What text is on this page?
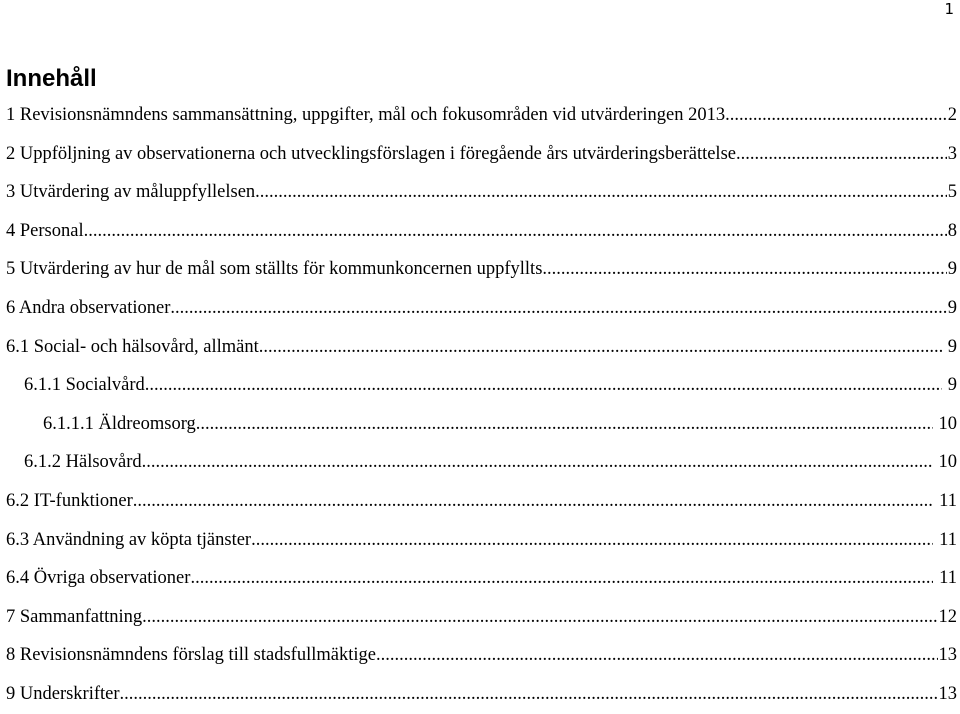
1
Innehåll
1 Revisionsnämndens sammansättning, uppgifter, mål och fokusområden vid utvärderingen 2013 .....	2
2 Uppföljning av observationerna och utvecklingsförslagen i föregående års utvärderingsberättelse .....	3
3 Utvärdering av måluppfyllelsen .....	5
4 Personal .....	8
5 Utvärdering av hur de mål som ställts för kommunkoncernen uppfyllts .....	9
6 Andra observationer .....	9
6.1 Social- och hälsovård, allmänt .....	9
6.1.1 Socialvård .....	9
6.1.1.1 Äldreomsorg .....	10
6.1.2 Hälsovård .....	10
6.2 IT-funktioner .....	11
6.3 Användning av köpta tjänster .....	11
6.4 Övriga observationer .....	11
7 Sammanfattning .....	12
8 Revisionsnämndens förslag till stadsfullmäktige .....	13
9 Underskrifter .....	13
